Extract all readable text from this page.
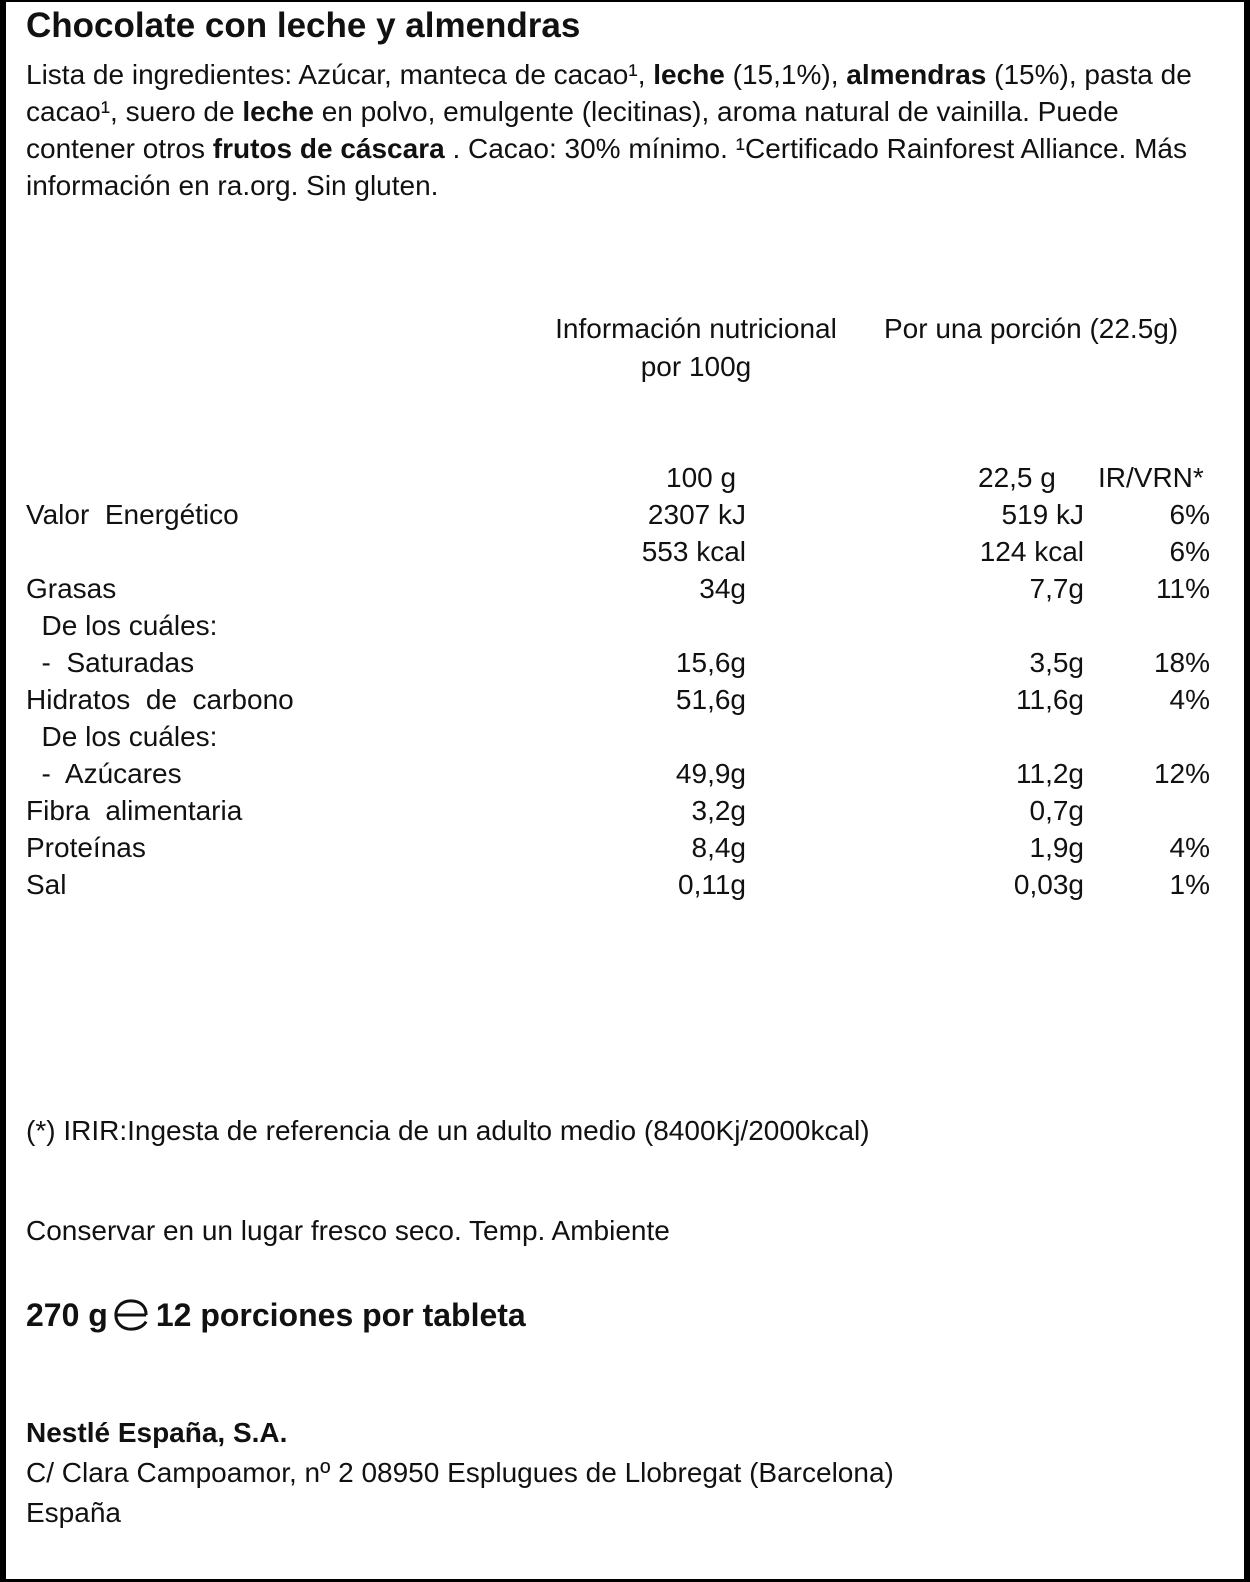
Chocolate con leche y almendras
Lista de ingredientes: Azúcar, manteca de cacao¹, leche (15,1%), almendras (15%), pasta de cacao¹, suero de leche en polvo, emulgente (lecitinas), aroma natural de vainilla. Puede contener otros frutos de cáscara . Cacao: 30% mínimo. ¹Certificado Rainforest Alliance. Más información en ra.org. Sin gluten.
Información nutricional
por 100g
Por una porción (22.5g)
100 g	22,5 g IR/VRN*
Valor  Energético	2307 kJ	519 kJ	6%
553 kcal	124 kcal	6%
Grasas	34g	7,7g	11%
De los cuáles:
-  Saturadas	15,6g	3,5g 18%
Hidratos  de  carbono	51,6g	11,6g	4%
De los cuáles:
-  Azúcares	49,9g	11,2g 12%
Fibra  alimentaria	3,2g	0,7g
Proteínas	8,4g	1,9g	4%
Sal	0,11g	0,03g	1%
(*) IRIR:Ingesta de referencia de un adulto medio (8400Kj/2000kcal)
Conservar en un lugar fresco seco. Temp. Ambiente
270 g 12 porciones por tableta
Nestlé España, S.A.
C/ Clara Campoamor, nº 2 08950 Esplugues de Llobregat (Barcelona)
España
